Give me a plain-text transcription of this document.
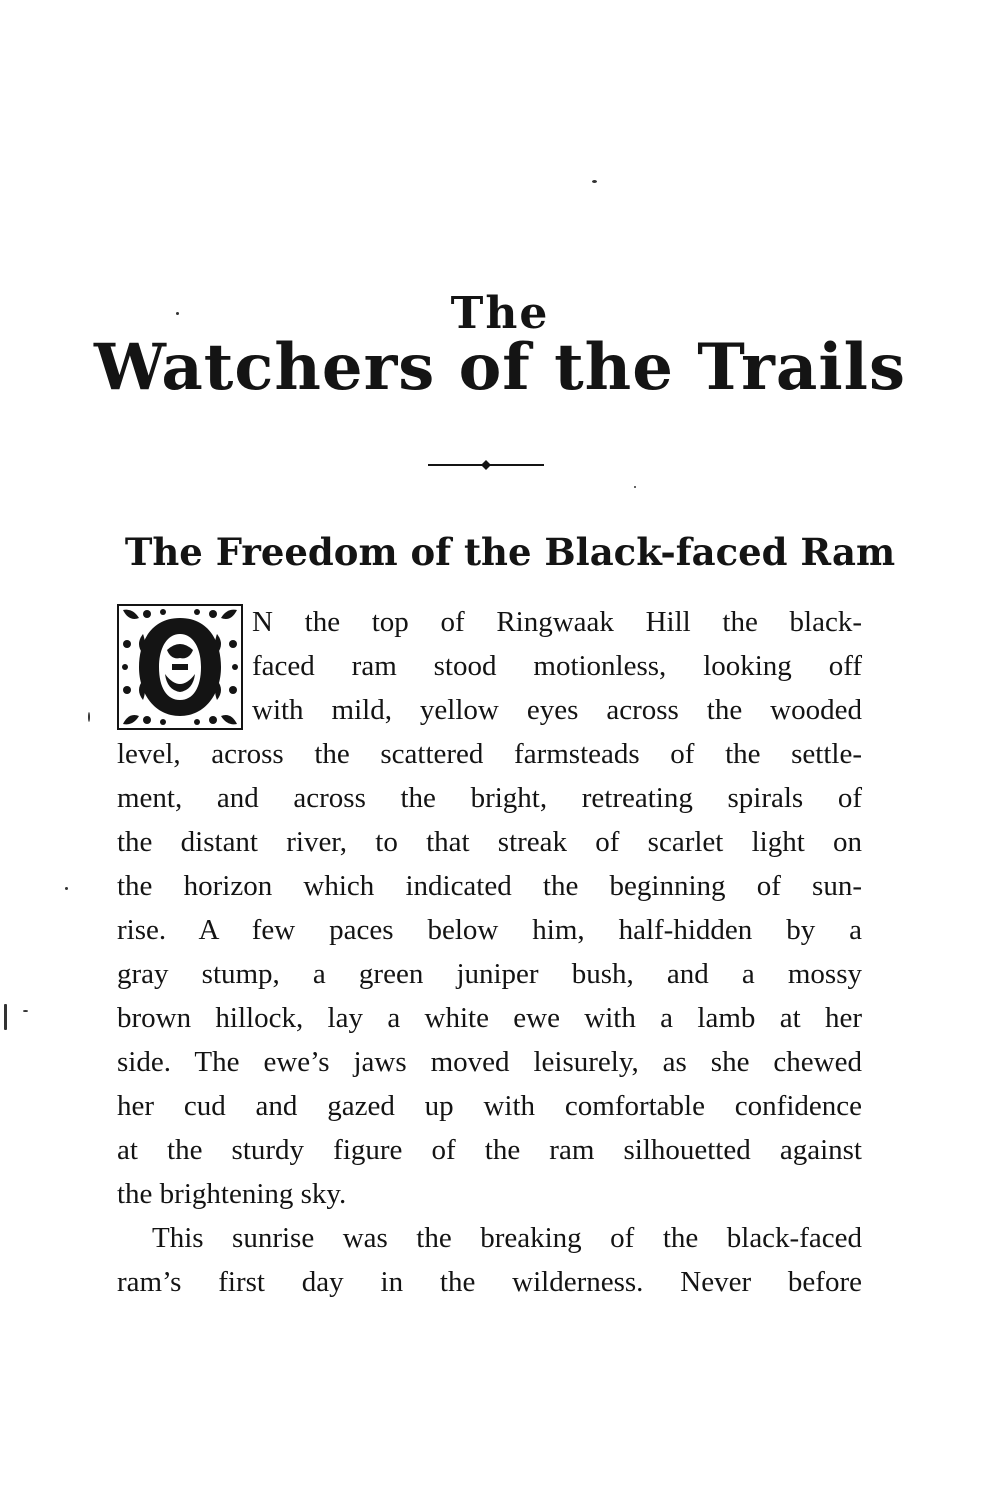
The
Watchers of the Trails
The Freedom of the Black-faced Ram
N the top of Ringwaak Hill the black-
faced ram stood motionless, looking off
with mild, yellow eyes across the wooded
level, across the scattered farmsteads of the settle-
ment, and across the bright, retreating spirals of
the distant river, to that streak of scarlet light on
the horizon which indicated the beginning of sun-
rise. A few paces below him, half-hidden by a
gray stump, a green juniper bush, and a mossy
brown hillock, lay a white ewe with a lamb at her
side. The ewe’s jaws moved leisurely, as she chewed
her cud and gazed up with comfortable confidence
at the sturdy figure of the ram silhouetted against
the brightening sky.
This sunrise was the breaking of the black-faced
ram’s first day in the wilderness. Never before
